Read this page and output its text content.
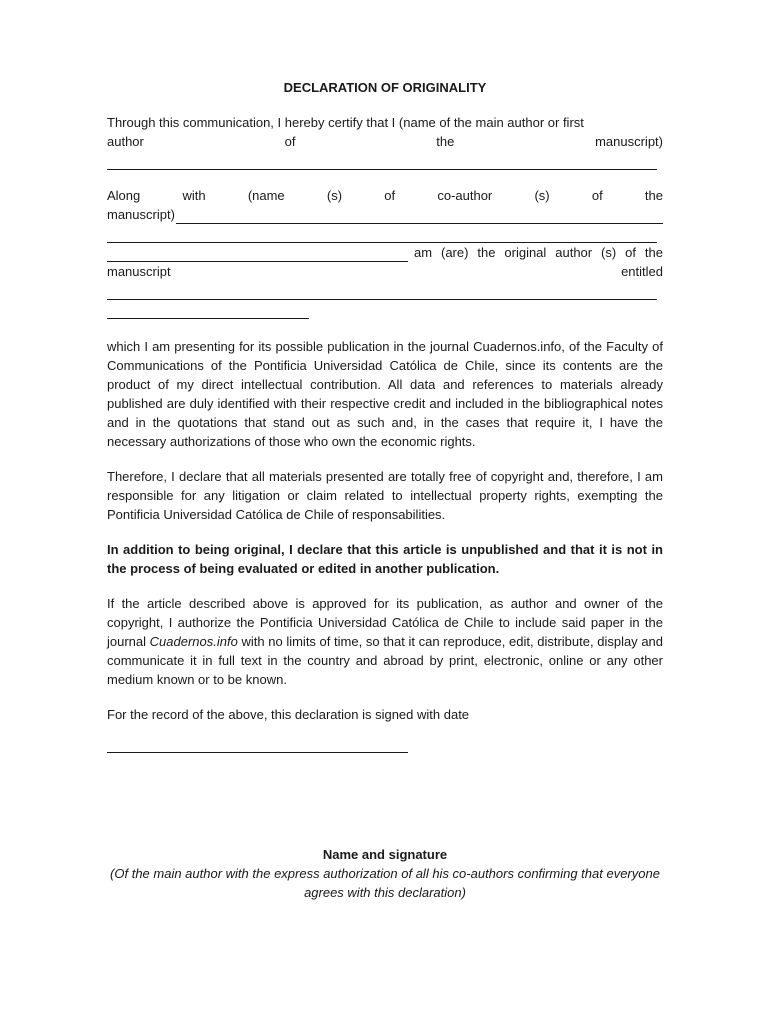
DECLARATION OF ORIGINALITY

Through this communication, I hereby certify that I (name of the main author or first

author of the manuscript)

Along with (name (s) of co-author (s) of the

manuscript)
am (are) the original author (s) of the

manuscript entitled

which I am presenting for its possible publication in the journal Cuadernos.info, of the Faculty of Communications of the Pontificia Universidad Católica de Chile, since its contents are the product of my direct intellectual contribution. All data and references to materials already published are duly identified with their respective credit and included in the bibliographical notes and in the quotations that stand out as such and, in the cases that require it, I have the necessary authorizations of those who own the economic rights.

Therefore, I declare that all materials presented are totally free of copyright and, therefore, I am responsible for any litigation or claim related to intellectual property rights, exempting the Pontificia Universidad Católica de Chile of responsabilities.

In addition to being original, I declare that this article is unpublished and that it is not in the process of being evaluated or edited in another publication.

If the article described above is approved for its publication, as author and owner of the copyright, I authorize the Pontificia Universidad Católica de Chile to include said paper in the journal Cuadernos.info with no limits of time, so that it can reproduce, edit, distribute, display and communicate it in full text in the country and abroad by print, electronic, online or any other medium known or to be known.

For the record of the above, this declaration is signed with date

Name and signature
(Of the main author with the express authorization of all his co-authors confirming that everyone agrees with this declaration)
